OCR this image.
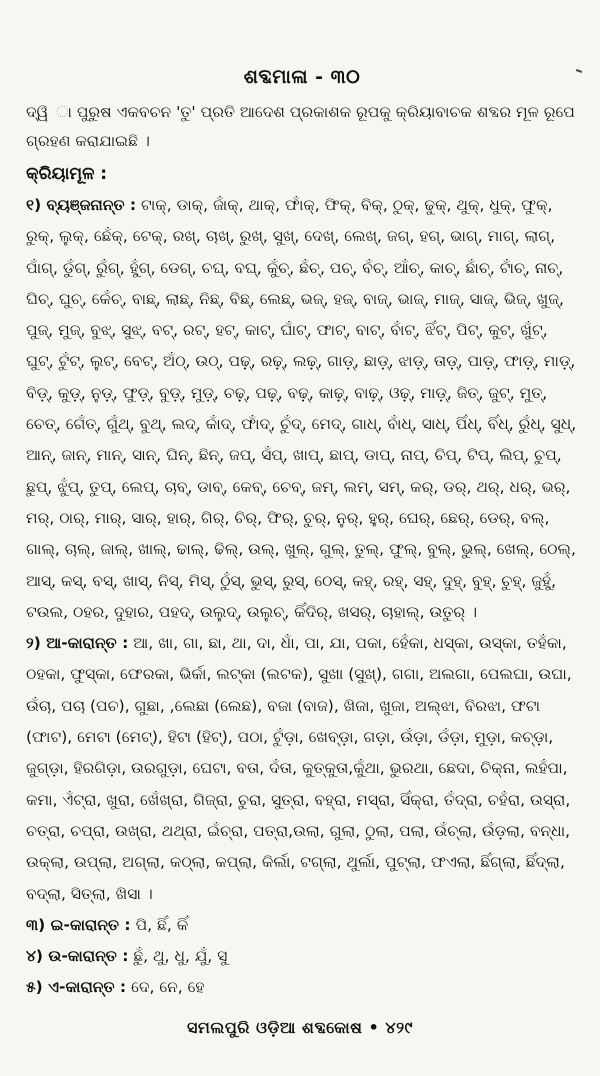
ଶବ୍ଦମାଳା - ୩୦
ଦ୍ୱି ା ପୁରୁଷ ଏକବଚନ 'ତୁ' ପ୍ରତି ଆଦେଶ ପ୍ରକାଶକ ରୂପକୁ କ୍ରିୟାବାଚକ ଶବ୍ଦର ମୂଳ ରୂପେ ଗ୍ରହଣ କରାଯାଇଛି ।
କ୍ରିୟାମୂଳ :
୧) ବ୍ୟଞ୍ଜନାନ୍ତ : ଟାକ୍, ଡାକ୍, ଜାଁକ୍, ଥାକ୍, ଫାଁକ୍, ଫିକ୍, ବିକ୍, ଠୁକ୍, ଢୁକ୍, ଥୁକ୍, ଧୁକ୍, ଫୁକ୍, ରୁକ୍, ଲୁକ୍, ଛେଁକ୍, ଟେକ୍, ରଖ୍, ଚାଖ୍, ରୁଖ୍, ସୁଖ୍, ଦେଖ୍, ଲେଖ୍, ଜଗ୍, ହଗ୍, ଭାଗ୍, ମାଗ୍, ଲାଗ୍, ପାଁଗ୍, ଡୁଁଗ୍, ରୁଁଗ୍, ହୁଁଗ୍, ଡେଗ୍, ଚଘ୍, ବଘ୍, କୁଁଚ୍, ଛଁଚ୍, ପଚ୍, ବଁଚ୍, ଆଁଚ୍, କାଚ୍, ଛାଁଚ୍, ଟାଁଚ୍, ନାଚ୍, ଘିଚ୍, ଘୁଚ୍, କେଁଚ୍, ବାଛ୍, ଲାଛ୍, ନିଛ୍, ବିଛ୍, ଲେଛ୍, ଭଜ୍, ହଜ୍, ବାଜ୍, ଭାଜ୍, ମାଜ୍, ସାଜ୍, ଭିଜ୍, ଖୁଜ୍, ପୁଜ୍, ମୁଜ୍, ବୁଝ୍, ସୁଝ୍, ବଟ୍, ରଟ୍, ହଟ୍, କାଟ୍, ଘାଁଟ୍, ଫାଟ୍, ବାଟ୍, ବାଁଟ୍, ଝିଁଟ୍, ପିଟ୍, କୁଟ୍, ଖୁଁଟ୍, ଘୁଟ୍, ଟୁଁଟ୍, ଲୁଟ୍, ବେଟ୍, ଅଁଠ୍, ଉଠ୍, ପଢ଼୍, ରଢ଼୍, ଲଢ଼୍, ଗାଡ଼୍, ଛାଡ଼୍, ଝାଡ଼୍, ତାଡ଼୍, ପାଡ଼୍, ଫାଡ଼୍, ମାଡ଼୍, ବିଡ଼୍, କୁଡ଼୍, ନୁଡ଼୍, ଫୁଡ଼୍, ବୁଡ଼୍, ମୁଡ଼୍, ଚଢ଼୍, ପଢ଼୍, ବଢ଼୍, କାଢ଼୍, ବାଢ଼୍, ଓଢ଼୍, ମାଡ଼୍, ଜିତ୍, ଜୁଟ୍, ମୁତ୍, ଚେତ୍, ଗେଁତ୍, ଗୁଁଥ୍, ବୁଥ୍, ଲଦ୍, କାଁଦ୍, ଫାଁଦ୍, ଚୁଁଦ୍, ମେଦ୍, ଗାଧ୍, ବାଁଧ୍, ସାଧ୍, ପିଁଧ୍, ବିଁଧ୍, ରୁଁଧ୍, ସୁଧ୍, ଆନ୍, ଜାନ୍, ମାନ୍, ସାନ୍, ଘିନ୍, ଛିନ୍, ଜପ୍, ସଁପ୍, ଖାପ୍, ଛାପ୍, ଡାପ୍, ନାପ୍, ଚିପ୍, ଟିପ୍, ଲିପ୍, ଚୁପ୍, ଛୁପ୍, ଝୁଁପ୍, ତୁପ୍, ଲେପ୍, ଚାବ୍, ଡାବ୍, କେବ୍, ଚେବ୍, ଜମ୍, ଲମ୍, ସମ୍, କର୍, ଡର୍, ଥର୍, ଧର୍, ଭର୍, ମର୍, ଠାର୍, ମାର୍, ସାର୍, ହାର୍, ଗିର୍, ଚିର୍, ଫିର୍, ଚୁର୍, ନୁର୍, ହୁର୍, ଘେର୍, ଛେର୍, ଡେର୍, ବଲ୍, ଗାଲ୍, ଚାଲ୍, ଜାଲ୍, ଖାଲ୍, ଢାଲ୍, ଢିଲ୍, ଉଲ୍, ଖୁଲ୍, ଗୁଲ୍, ତୁଲ୍, ଫୁଲ୍, ବୁଲ୍, ଭୁଲ୍, ଖେଲ୍, ଠେଲ୍, ଆସ୍, କସ୍, ବସ୍, ଖାସ୍, ନିସ୍, ମିସ୍, ଠୁଁସ୍, ଭୁସ୍, ରୁସ୍, ଠେସ୍, କହ୍, ରହ୍, ସହ୍, ଦୁହ୍, ବୁହ୍, ଚୁହ୍, ଜୁହୁଁ, ଟଉଲ, ଠହର, ଦୁହାର, ପହଦ୍, ଉଲୁଦ୍, ଉଲୁଚ୍, କିଁଦିର୍, ଖସର୍, ଚାହାଲ୍, ଉତୁର୍ ।
୨) ଆ-କାରାନ୍ତ : ଆ, ଖା, ଗା, ଛା, ଥା, ଦା, ଧାଁ, ପା, ଯା, ପକା, ହେଁକା, ଧସ୍କା, ଉସ୍କା, ତହଁକା, ଠହକା, ଫୁସ୍କା, ଫେରକା, ଭିର୍କା, ଲଟ୍କା (ଲଟକ), ସୁଖା (ସୁଖ୍), ଗଗା, ଅଲଗା, ପେଲଘା, ଉଘା, ଉଁଚା, ପଚା (ପଚ), ଗୁଛା, ,ଲେଛା (ଲେଛ), ବଜା (ବାଜ), ଖିଜା, ଖୁଜା, ଅଲ୍ଝା, ବିରଝା, ଫଟା (ଫାଟ), ମେଟା (ମେଟ୍), ହିଟା (ହିଟ୍), ପଠା, ଟୁଁଡ଼ା, ଖେବ୍ଡ଼ା, ଗଡ଼ା, ଉଁଡ଼ା, ଡଁଡ଼ା, ମୁଡ଼ା, କଚ୍ଡ଼ା, ଜୁଗ୍ଡ଼ା, ହିରଗିଡ଼ା, ଉରଗୁଡ଼ା, ଘେଟା, ବତା, ଦଁତା, କୁତ୍କୁତା,କୁଁଥା, ଭୁରଥା, ଛେଦା, ଚିକ୍ନା, ଲହଁପା, କମା, ଏଁଟ୍ରା, ଖୁରା, ଖେଁଖ୍ରା, ଗିଜ୍ରା, ଚୁରା, ସୁତ୍ରା, ବହ୍ରା, ମସ୍ରା, ସିଁକ୍ରା, ତଁଦ୍ରା, ଚହଁରା, ଉସ୍ରା, ଚତ୍ରା, ଚପ୍ରା, ଉଖ୍ରା, ଥଥ୍ରା, ଇଁଚ୍ରା, ପତ୍ରା,ଉଲା, ଗୁଲା, ଠୁଲା, ପଲା, ଉଁଚ୍ଲା, ଉଁଡ଼ଲା, ବନ୍ଧା, ଉକ୍ଲା, ଉପ୍ଲା, ଅଗ୍ଲା, କଠ୍ଲା, କପ୍ଲା, କିର୍ଲା, ଟଗ୍ଲା, ଥୁର୍ଲା, ପୁଟ୍ଲା, ଫଏଲା, ଛିଁଗ୍ଲା, ଛିଁଦ୍ଲା, ବଦ୍ଲା, ସିତ୍ଲା, ଖିସା ।
୩) ଇ-କାରାନ୍ତ : ପି, ଛିଁ, କିଁ
୪) ଉ-କାରାନ୍ତ : ଛୁଁ, ଥୁ, ଧୁ, ଯୁଁ, ସୁ
୫) ଏ-କାରାନ୍ତ : ଦେ, ନେ, ହେ
ସମଲପୁରି ଓଡ଼ିଆ ଶବ୍ଦକୋଷ • ୪୨୯
